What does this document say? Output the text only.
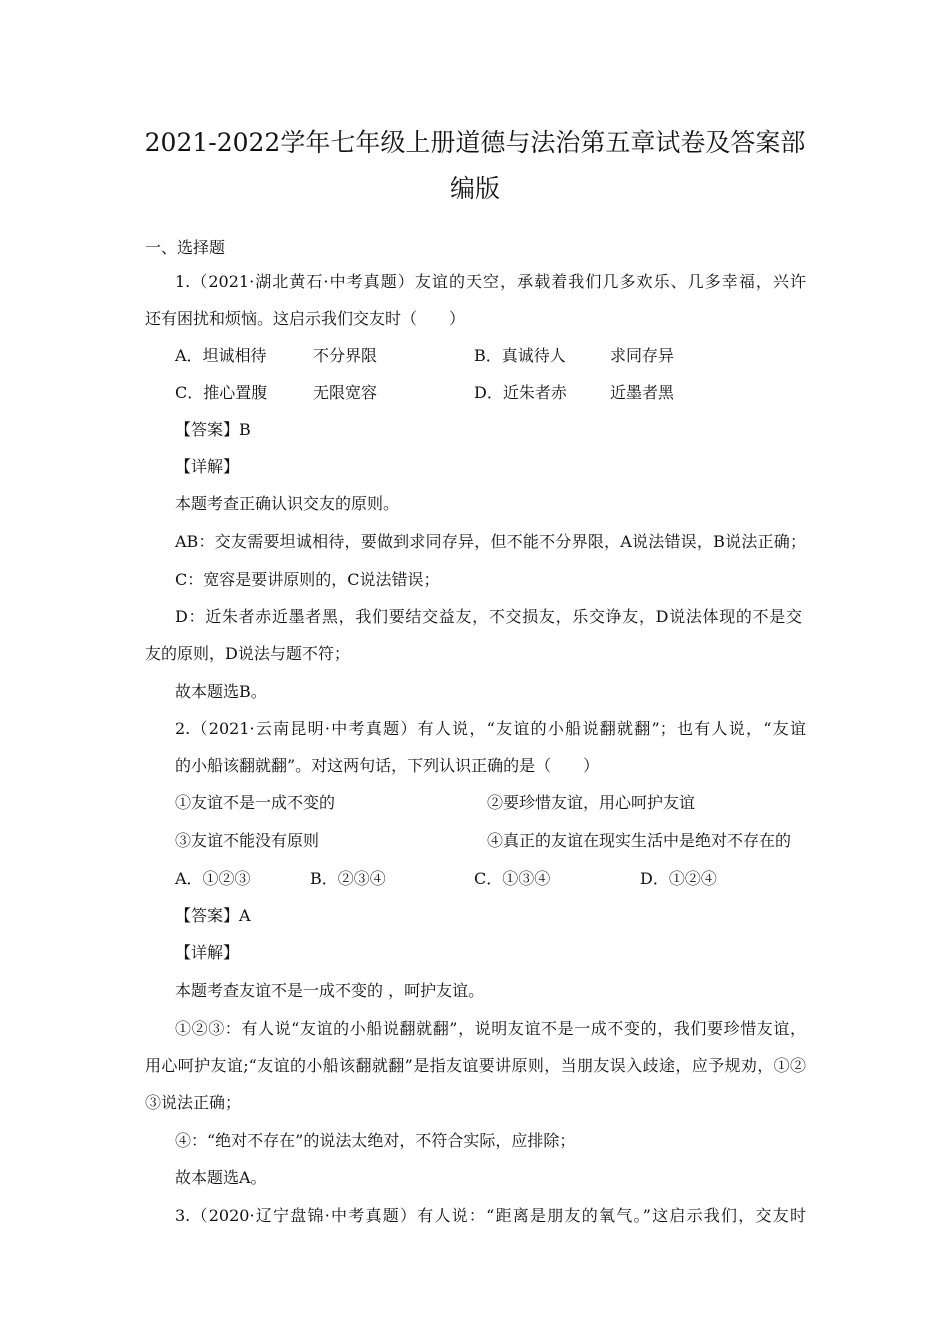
2021-2022学年七年级上册道德与法治第五章试卷及答案部
编版
一、选择题
1.（2021·湖北黄石·中考真题）友谊的天空，承载着我们几多欢乐、几多幸福，兴许
还有困扰和烦恼。这启示我们交友时（　　）
A．坦诚相待	不分界限	B．真诚待人	求同存异
C．推心置腹	无限宽容	D．近朱者赤	近墨者黑
【答案】B
【详解】
本题考查正确认识交友的原则。
AB：交友需要坦诚相待，要做到求同存异，但不能不分界限，A说法错误，B说法正确；
C：宽容是要讲原则的，C说法错误；
D：近朱者赤近墨者黑，我们要结交益友，不交损友，乐交诤友，D说法体现的不是交
友的原则，D说法与题不符；
故本题选B。
2.（2021·云南昆明·中考真题）有人说，“友谊的小船说翻就翻”；也有人说，“友谊
的小船该翻就翻”。对这两句话，下列认识正确的是（　　）
①友谊不是一成不变的	②要珍惜友谊，用心呵护友谊
③友谊不能没有原则	④真正的友谊在现实生活中是绝对不存在的
A．①②③	B．②③④	C．①③④	D．①②④
【答案】A
【详解】
本题考查友谊不是一成不变的 ，呵护友谊。
①②③：有人说“友谊的小船说翻就翻”，说明友谊不是一成不变的，我们要珍惜友谊，
用心呵护友谊;“友谊的小船该翻就翻”是指友谊要讲原则，当朋友误入歧途，应予规劝，①②
③说法正确；
④：“绝对不存在”的说法太绝对，不符合实际，应排除；
故本题选A。
3.（2020·辽宁盘锦·中考真题）有人说：“距离是朋友的氧气。”这启示我们，交友时
